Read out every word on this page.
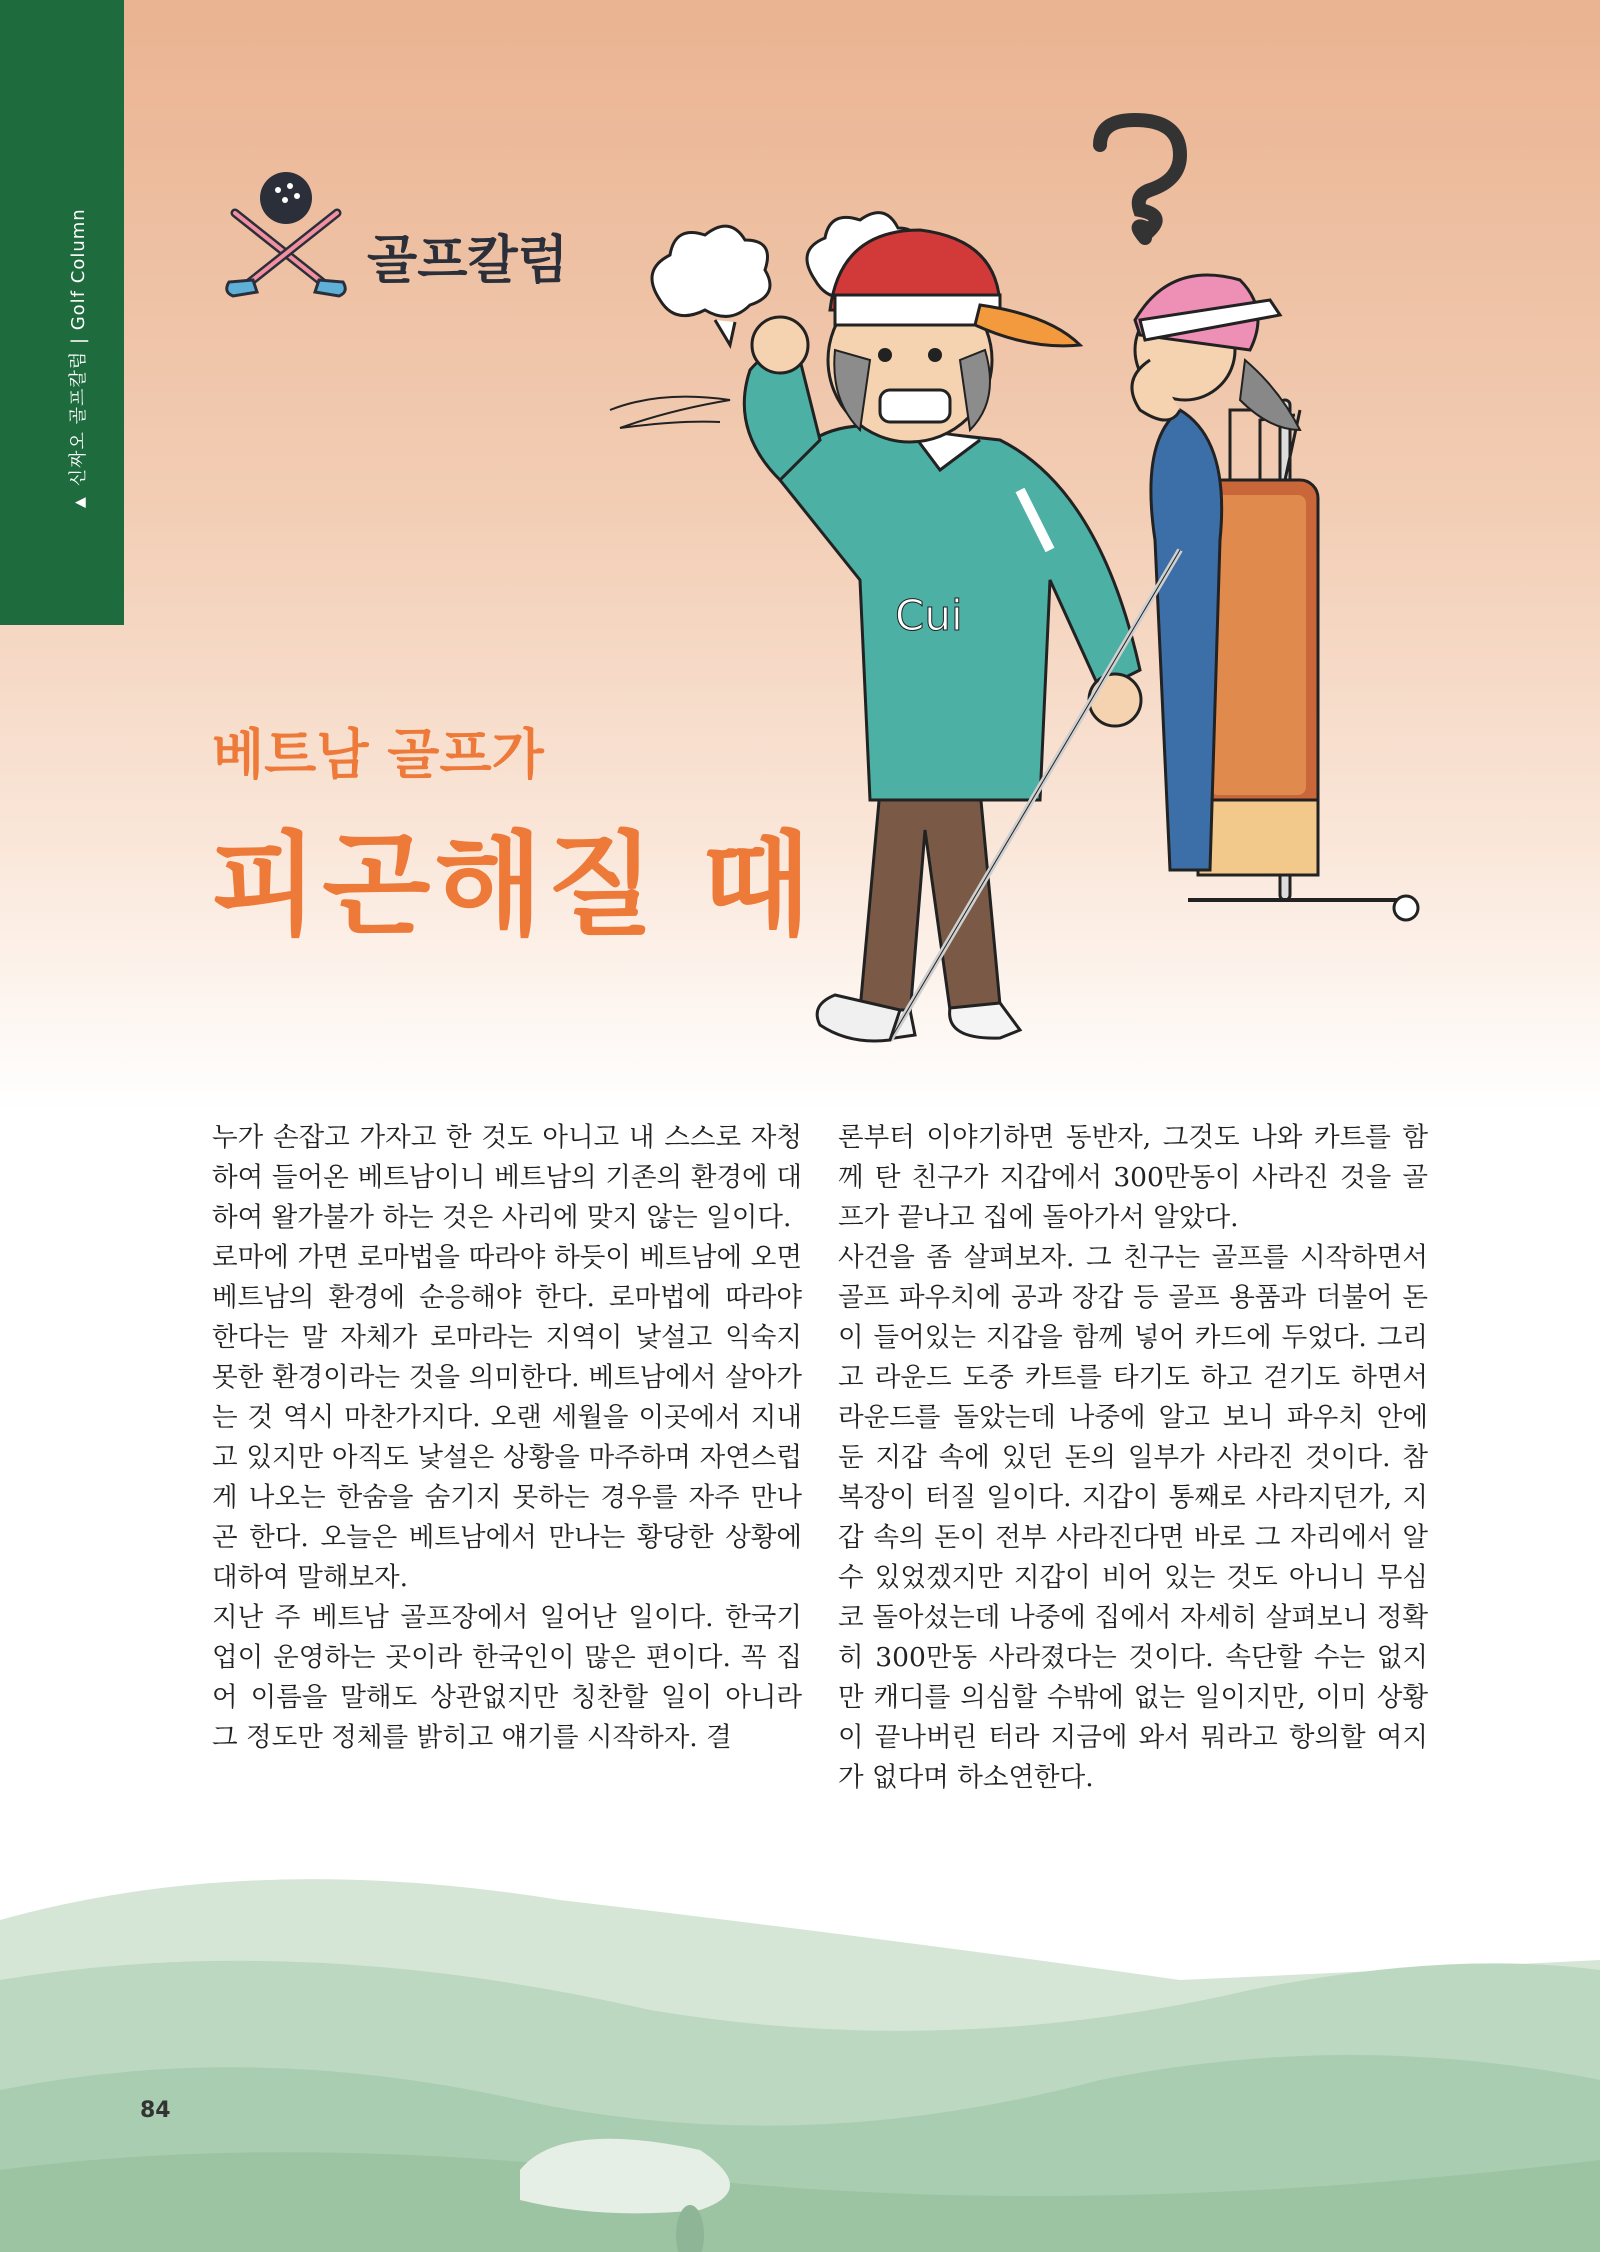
▲신짜오 골프칼럼 | Golf Column	골프칼럼
베트남 골프가
피곤해질 때
Cui

누가 손잡고 가자고 한 것도 아니고 내 스스로 자청하여 들어온 베트남이니 베트남의 기존의 환경에 대하여 왈가불가 하는 것은 사리에 맞지 않는 일이다.

로마에 가면 로마법을 따라야 하듯이 베트남에 오면 베트남의 환경에 순응해야 한다. 로마법에 따라야 한다는 말 자체가 로마라는 지역이 낯설고 익숙지 못한 환경이라는 것을 의미한다. 베트남에서 살아가는 것 역시 마찬가지다. 오랜 세월을 이곳에서 지내고 있지만 아직도 낯설은 상황을 마주하며 자연스럽게 나오는 한숨을 숨기지 못하는 경우를 자주 만나곤 한다. 오늘은 베트남에서 만나는 황당한 상황에 대하여 말해보자.

지난 주 베트남 골프장에서 일어난 일이다. 한국기업이 운영하는 곳이라 한국인이 많은 편이다. 꼭 집어 이름을 말해도 상관없지만 칭찬할 일이 아니라 그 정도만 정체를 밝히고 얘기를 시작하자. 결

론부터 이야기하면 동반자, 그것도 나와 카트를 함께 탄 친구가 지갑에서 300만동이 사라진 것을 골프가 끝나고 집에 돌아가서 알았다.

사건을 좀 살펴보자. 그 친구는 골프를 시작하면서 골프 파우치에 공과 장갑 등 골프 용품과 더불어 돈이 들어있는 지갑을 함께 넣어 카드에 두었다. 그리고 라운드 도중 카트를 타기도 하고 걷기도 하면서 라운드를 돌았는데 나중에 알고 보니 파우치 안에 둔 지갑 속에 있던 돈의 일부가 사라진 것이다. 참 복장이 터질 일이다. 지갑이 통째로 사라지던가, 지갑 속의 돈이 전부 사라진다면 바로 그 자리에서 알 수 있었겠지만 지갑이 비어 있는 것도 아니니 무심코 돌아섰는데 나중에 집에서 자세히 살펴보니 정확히 300만동 사라졌다는 것이다. 속단할 수는 없지만 캐디를 의심할 수밖에 없는 일이지만, 이미 상황이 끝나버린 터라 지금에 와서 뭐라고 항의할 여지가 없다며 하소연한다.

84
